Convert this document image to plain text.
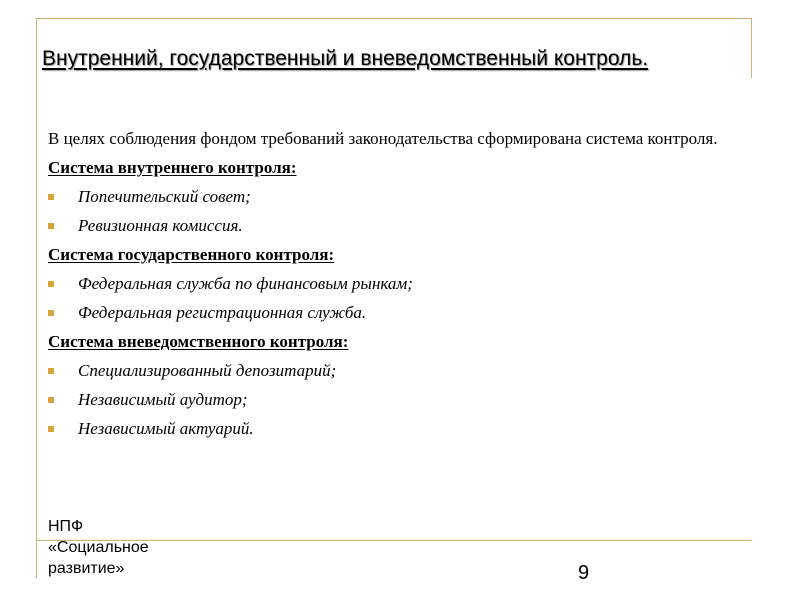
Внутренний, государственный и вневедомственный контроль.
В целях соблюдения фондом требований законодательства сформирована система контроля.
Система внутреннего контроля:
Попечительский совет;
Ревизионная комиссия.
Система государственного контроля:
Федеральная служба по финансовым рынкам;
Федеральная регистрационная служба.
Система вневедомственного контроля:
Специализированный депозитарий;
Независимый аудитор;
Независимый актуарий.
НПФ
«Социальное
развитие»	9
